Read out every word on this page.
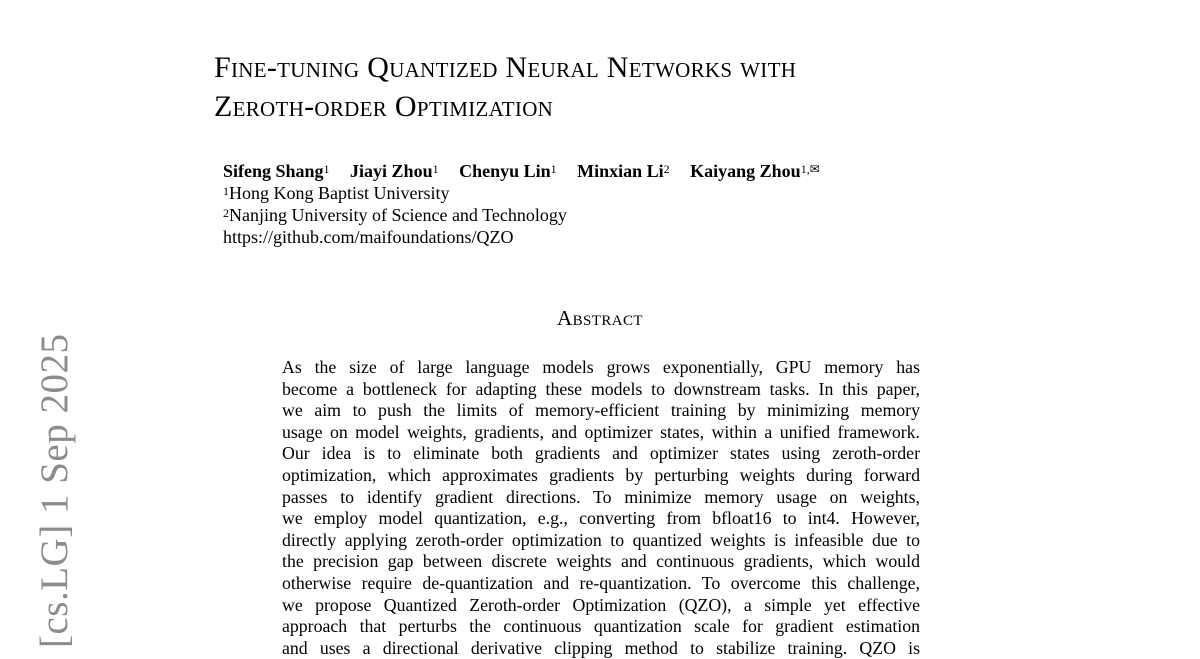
Fine-tuning Quantized Neural Networks with
Zeroth-order Optimization
Sifeng Shang$^1$ Jiayi Zhou$^1$ Chenyu Lin$^1$ Minxian Li$^2$ Kaiyang Zhou$^{1,✉}$
$^1$Hong Kong Baptist University
$^2$Nanjing University of Science and Technology
https://github.com/maifoundations/QZO
Abstract
As the size of large language models grows exponentially, GPU memory has
become a bottleneck for adapting these models to downstream tasks. In this paper,
we aim to push the limits of memory-efficient training by minimizing memory
usage on model weights, gradients, and optimizer states, within a unified framework.
Our idea is to eliminate both gradients and optimizer states using zeroth-order
optimization, which approximates gradients by perturbing weights during forward
passes to identify gradient directions. To minimize memory usage on weights,
we employ model quantization, e.g., converting from bfloat16 to int4. However,
directly applying zeroth-order optimization to quantized weights is infeasible due to
the precision gap between discrete weights and continuous gradients, which would
otherwise require de-quantization and re-quantization. To overcome this challenge,
we propose Quantized Zeroth-order Optimization (QZO), a simple yet effective
approach that perturbs the continuous quantization scale for gradient estimation
and uses a directional derivative clipping method to stabilize training. QZO is
[cs.LG] 1 Sep 2025
